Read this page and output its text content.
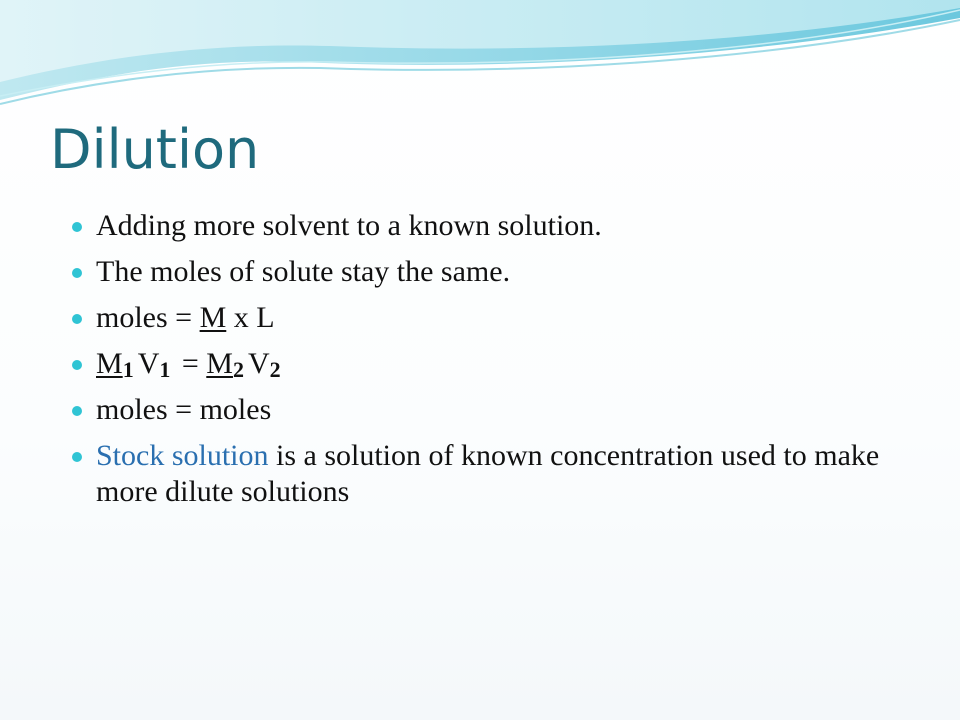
Dilution
Adding more solvent to a known solution.
The moles of solute stay the same.
moles = M x L
M1 V1 = M2 V2
moles = moles
Stock solution is a solution of known concentration used to make more dilute solutions
